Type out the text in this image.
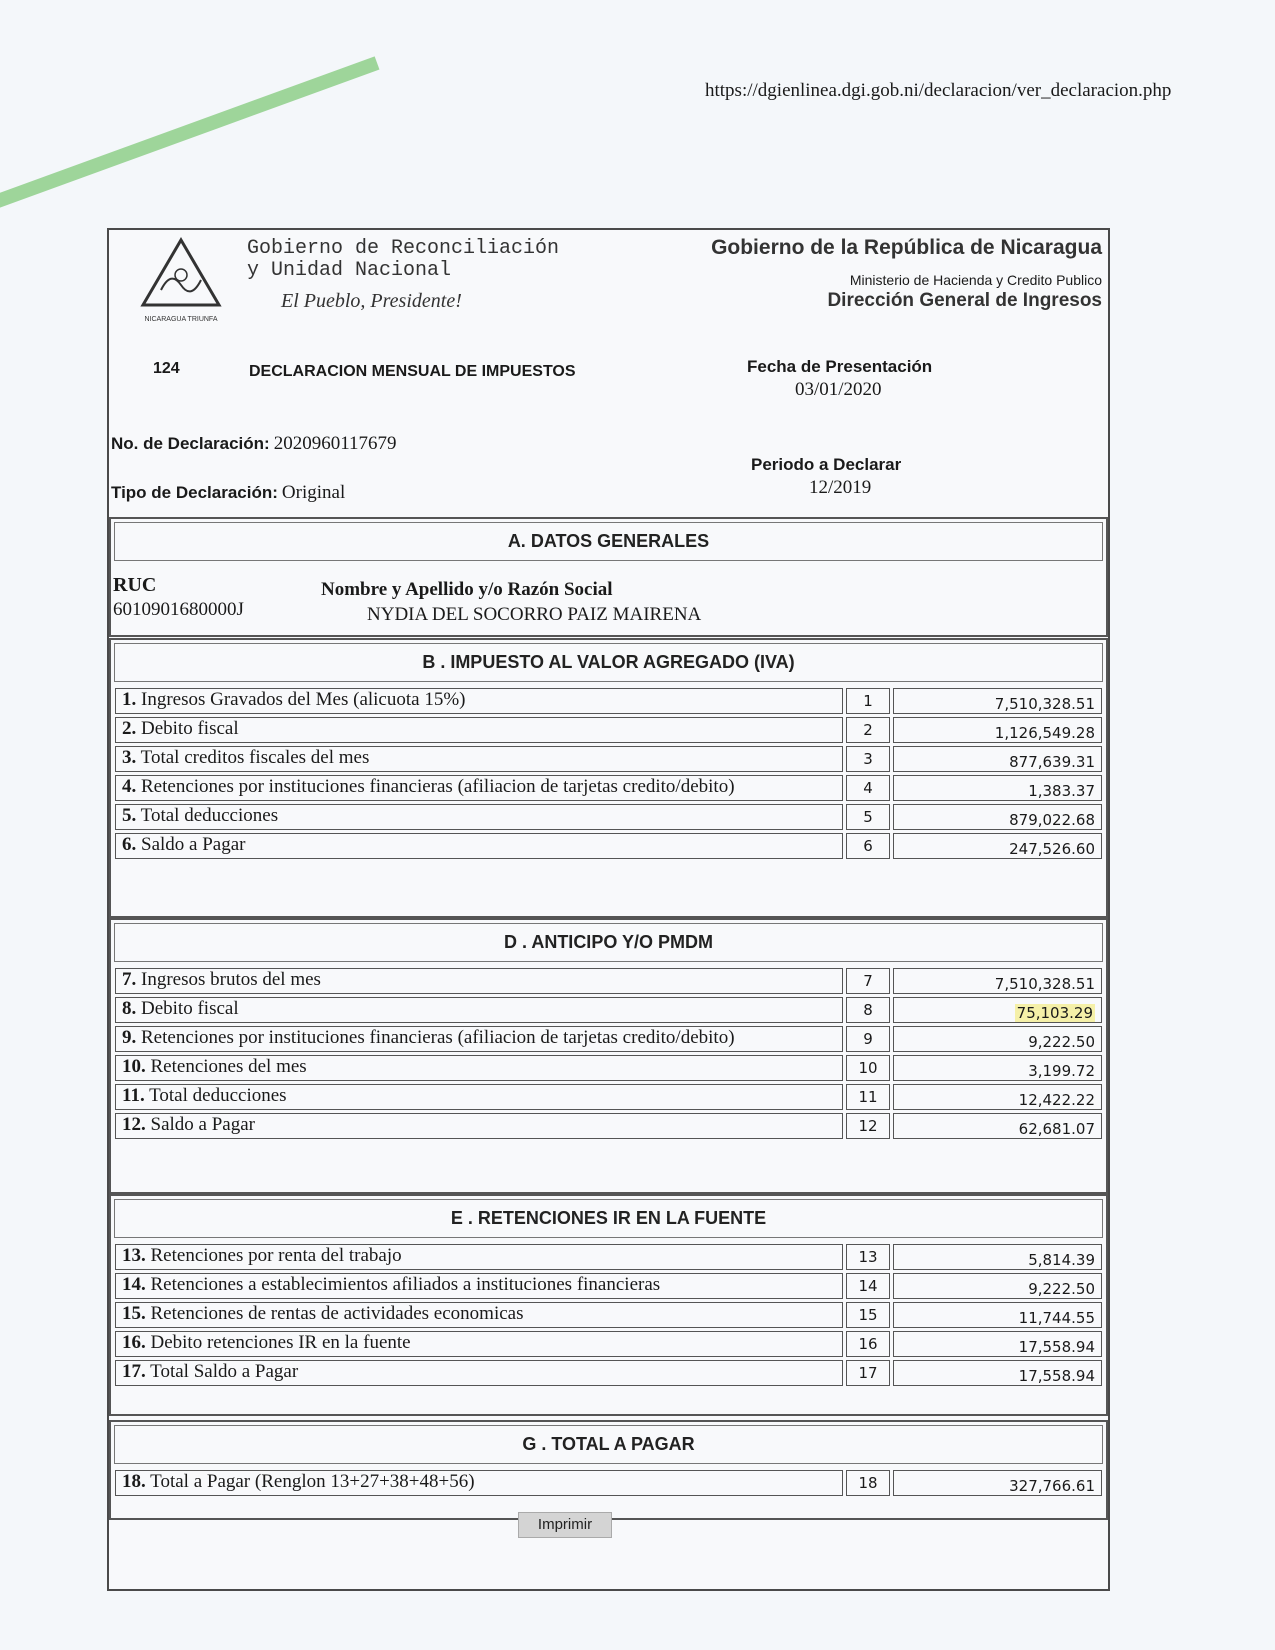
https://dgienlinea.dgi.gob.ni/declaracion/ver_declaracion.php
NICARAGUA TRIUNFA
Gobierno de Reconciliación
y Unidad Nacional
El Pueblo, Presidente!
Gobierno de la República de Nicaragua
Ministerio de Hacienda y Credito Publico
Dirección General de Ingresos
124	DECLARACION MENSUAL DE IMPUESTOS	Fecha de Presentación
03/01/2020
No. de Declaración: 2020960117679
Periodo a Declarar
12/2019
Tipo de Declaración: Original
A. DATOS GENERALES
RUC
6010901680000J
Nombre y Apellido y/o Razón Social
NYDIA DEL SOCORRO PAIZ MAIRENA
B . IMPUESTO AL VALOR AGREGADO (IVA)
1. Ingresos Gravados del Mes (alicuota 15%)	1	7,510,328.51
2. Debito fiscal	2	1,126,549.28
3. Total creditos fiscales del mes	3	877,639.31
4. Retenciones por instituciones financieras (afiliacion de tarjetas credito/debito)	4	1,383.37
5. Total deducciones	5	879,022.68
6. Saldo a Pagar	6	247,526.60
D . ANTICIPO Y/O PMDM
7. Ingresos brutos del mes	7	7,510,328.51
8. Debito fiscal	8	75,103.29
9. Retenciones por instituciones financieras (afiliacion de tarjetas credito/debito)	9	9,222.50
10. Retenciones del mes	10	3,199.72
11. Total deducciones	11	12,422.22
12. Saldo a Pagar	12	62,681.07
E . RETENCIONES IR EN LA FUENTE
13. Retenciones por renta del trabajo	13	5,814.39
14. Retenciones a establecimientos afiliados a instituciones financieras	14	9,222.50
15. Retenciones de rentas de actividades economicas	15	11,744.55
16. Debito retenciones IR en la fuente	16	17,558.94
17. Total Saldo a Pagar	17	17,558.94
G . TOTAL A PAGAR
18. Total a Pagar (Renglon 13+27+38+48+56)	18	327,766.61
Imprimir
